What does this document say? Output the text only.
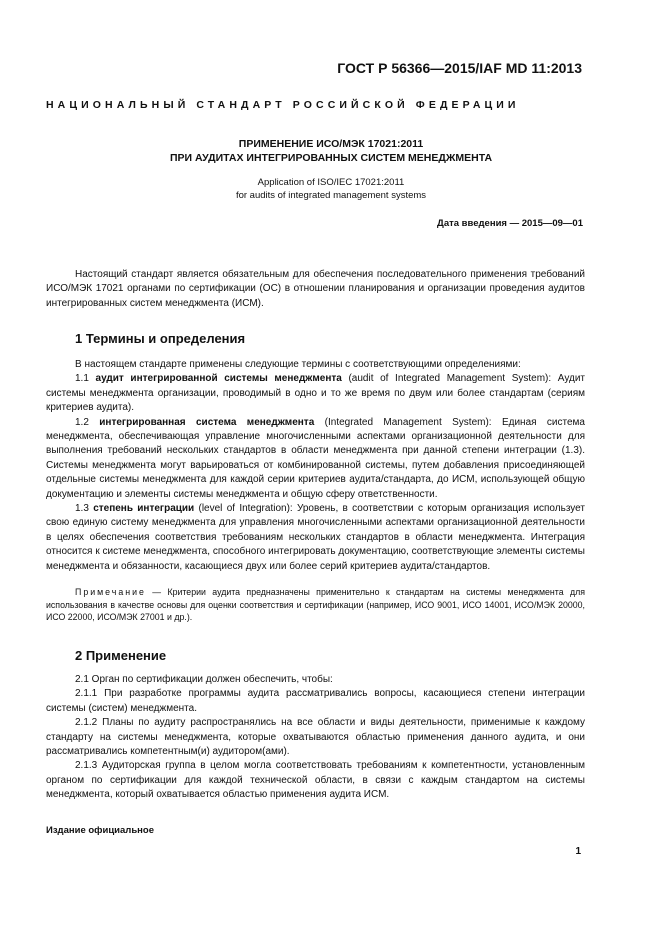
ГОСТ Р 56366—2015/IAF MD 11:2013
НАЦИОНАЛЬНЫЙ СТАНДАРТ РОССИЙСКОЙ ФЕДЕРАЦИИ
ПРИМЕНЕНИЕ ИСО/МЭК 17021:2011
ПРИ АУДИТАХ ИНТЕГРИРОВАННЫХ СИСТЕМ МЕНЕДЖМЕНТА
Application of ISO/IEC 17021:2011
for audits of integrated management systems
Дата введения — 2015—09—01

Настоящий стандарт является обязательным для обеспечения последовательного применения требований ИСО/МЭК 17021 органами по сертификации (ОС) в отношении планирования и организации проведения аудитов интегрированных систем менеджмента (ИСМ).

1 Термины и определения

В настоящем стандарте применены следующие термины с соответствующими определениями:

1.1 аудит интегрированной системы менеджмента (audit of Integrated Management System): Аудит системы менеджмента организации, проводимый в одно и то же время по двум или более стандартам (сериям критериев аудита).

1.2 интегрированная система менеджмента (Integrated Management System): Единая система менеджмента, обеспечивающая управление многочисленными аспектами организационной деятельности для выполнения требований нескольких стандартов в области менеджмента при данной степени интеграции (1.3). Системы менеджмента могут варьироваться от комбинированной системы, путем добавления присоединяющей отдельные системы менеджмента для каждой серии критериев аудита/стандарта, до ИСМ, использующей общую документацию и элементы системы менеджмента и общую сферу ответственности.

1.3 степень интеграции (level of Integration): Уровень, в соответствии с которым организация использует свою единую систему менеджмента для управления многочисленными аспектами организационной деятельности в целях обеспечения соответствия требованиям нескольких стандартов в области менеджмента. Интеграция относится к системе менеджмента, способного интегрировать документацию, соответствующие элементы системы менеджмента и обязанности, касающиеся двух или более серий критериев аудита/стандартов.

Примечание — Критерии аудита предназначены применительно к стандартам на системы менеджмента для использования в качестве основы для оценки соответствия и сертификации (например, ИСО 9001, ИСО 14001, ИСО/МЭК 20000, ИСО 22000, ИСО/МЭК 27001 и др.).

2 Применение

2.1 Орган по сертификации должен обеспечить, чтобы:

2.1.1 При разработке программы аудита рассматривались вопросы, касающиеся степени интеграции системы (систем) менеджмента.

2.1.2 Планы по аудиту распространялись на все области и виды деятельности, применимые к каждому стандарту на системы менеджмента, которые охватываются областью применения данного аудита, и они рассматривались компетентным(и) аудитором(ами).

2.1.3 Аудиторская группа в целом могла соответствовать требованиям к компетентности, установленным органом по сертификации для каждой технической области, в связи с каждым стандартом на системы менеджмента, который охватывается областью применения аудита ИСМ.

Издание официальное
1
